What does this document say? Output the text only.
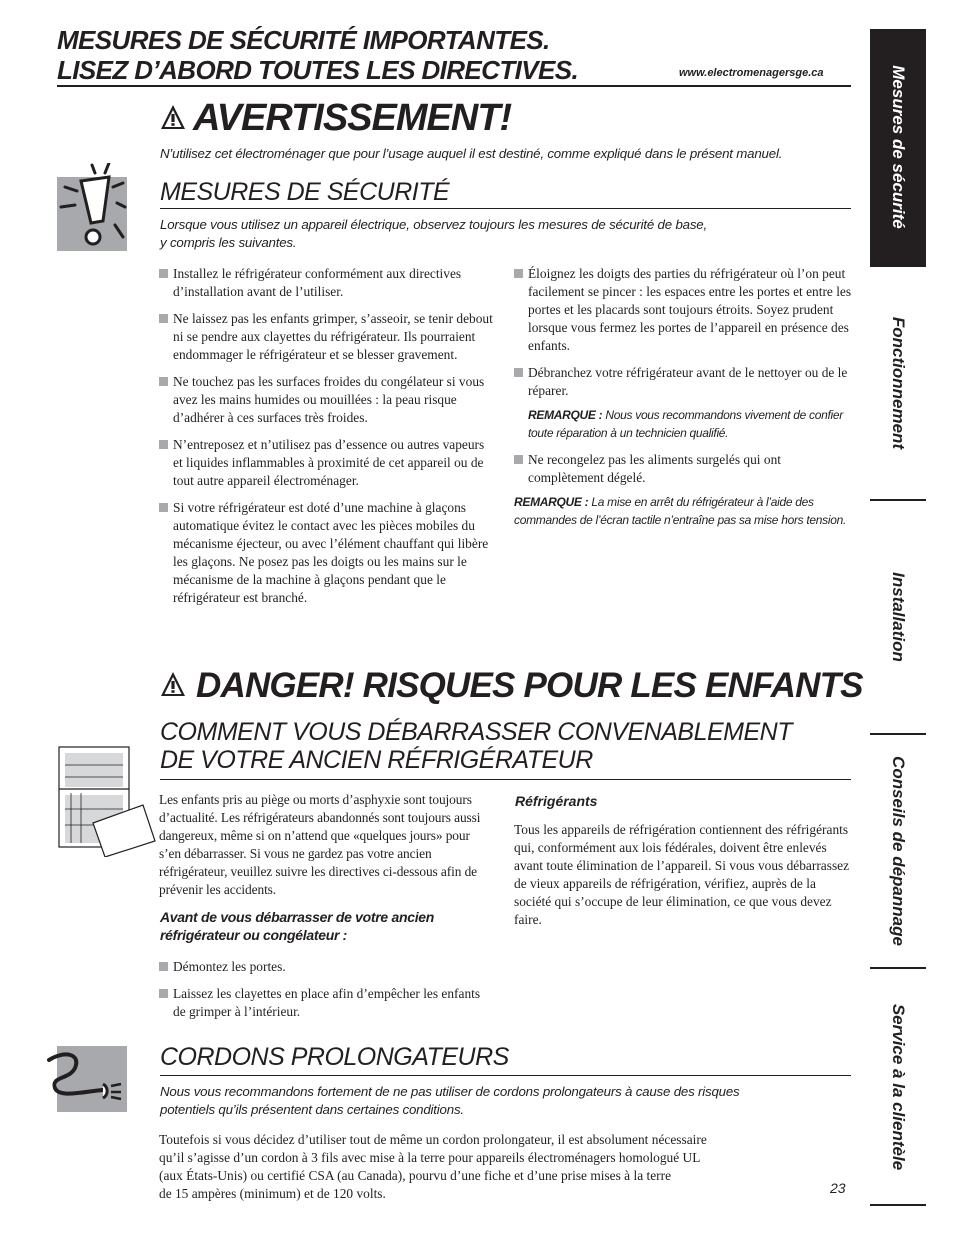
MESURES DE SÉCURITÉ IMPORTANTES.
LISEZ D’ABORD TOUTES LES DIRECTIVES.	www.electromenagersge.ca
AVERTISSEMENT!
N’utilisez cet électroménager que pour l’usage auquel il est destiné, comme expliqué dans le présent manuel.
MESURES DE SÉCURITÉ
Lorsque vous utilisez un appareil électrique, observez toujours les mesures de sécurité de base,
y compris les suivantes.
Installez le réfrigérateur conformément aux directives d’installation avant de l’utiliser.
Ne laissez pas les enfants grimper, s’asseoir, se tenir debout ni se pendre aux clayettes du réfrigérateur. Ils pourraient endommager le réfrigérateur et se blesser gravement.
Ne touchez pas les surfaces froides du congélateur si vous avez les mains humides ou mouillées : la peau risque d’adhérer à ces surfaces très froides.
N’entreposez et n’utilisez pas d’essence ou autres vapeurs et liquides inflammables à proximité de cet appareil ou de tout autre appareil électroménager.
Si votre réfrigérateur est doté d’une machine à glaçons automatique évitez le contact avec les pièces mobiles du mécanisme éjecteur, ou avec l’élément chauffant qui libère les glaçons. Ne posez pas les doigts ou les mains sur le mécanisme de la machine à glaçons pendant que le réfrigérateur est branché.
Éloignez les doigts des parties du réfrigérateur où l’on peut facilement se pincer : les espaces entre les portes et entre les portes et les placards sont toujours étroits. Soyez prudent lorsque vous fermez les portes de l’appareil en présence des enfants.
Débranchez votre réfrigérateur avant de le nettoyer ou de le réparer.
REMARQUE : Nous vous recommandons vivement de confier toute réparation à un technicien qualifié.
Ne recongelez pas les aliments surgelés qui ont complètement dégelé.
REMARQUE : La mise en arrêt du réfrigérateur à l’aide des commandes de l’écran tactile n’entraîne pas sa mise hors tension.
DANGER! RISQUES POUR LES ENFANTS
COMMENT VOUS DÉBARRASSER CONVENABLEMENT
DE VOTRE ANCIEN RÉFRIGÉRATEUR
Les enfants pris au piège ou morts d’asphyxie sont toujours d’actualité. Les réfrigérateurs abandonnés sont toujours aussi dangereux, même si on n’attend que «quelques jours» pour s’en débarrasser. Si vous ne gardez pas votre ancien réfrigérateur, veuillez suivre les directives ci-dessous afin de prévenir les accidents.
Avant de vous débarrasser de votre ancien réfrigérateur ou congélateur :
Démontez les portes.
Laissez les clayettes en place afin d’empêcher les enfants de grimper à l’intérieur.
Réfrigérants
Tous les appareils de réfrigération contiennent des réfrigérants qui, conformément aux lois fédérales, doivent être enlevés avant toute élimination de l’appareil. Si vous vous débarrassez de vieux appareils de réfrigération, vérifiez, auprès de la société qui s’occupe de leur élimination, ce que vous devez faire.
CORDONS PROLONGATEURS
Nous vous recommandons fortement de ne pas utiliser de cordons prolongateurs à cause des risques
potentiels qu’ils présentent dans certaines conditions.
Toutefois si vous décidez d’utiliser tout de même un cordon prolongateur, il est absolument nécessaire
qu’il s’agisse d’un cordon à 3 fils avec mise à la terre pour appareils électroménagers homologué UL
(aux États-Unis) ou certifié CSA (au Canada), pourvu d’une fiche et d’une prise mises à la terre
de 15 ampères (minimum) et de 120 volts.	23
Mesures de sécurité
Fonctionnement
Installation
Conseils de dépannage
Service à la clientèle
